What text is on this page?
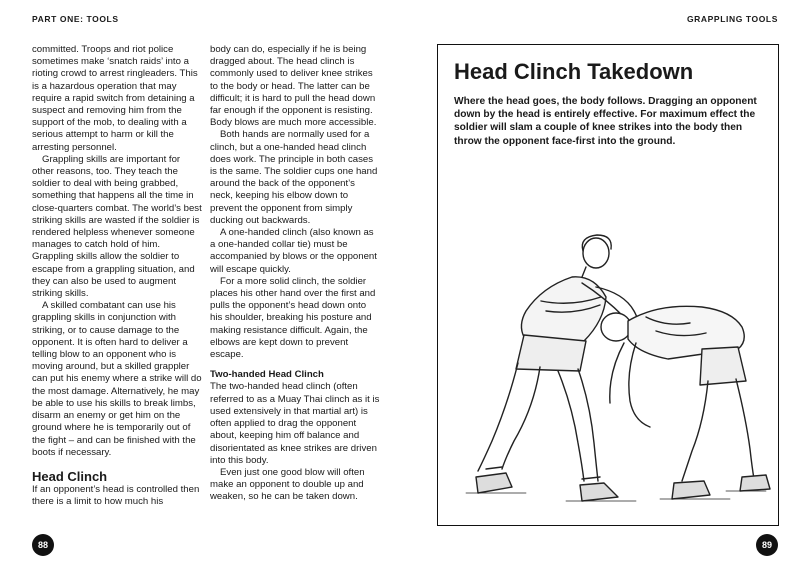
PART ONE: TOOLS	GRAPPLING TOOLS

committed. Troops and riot police sometimes make ‘snatch raids’ into a rioting crowd to arrest ringleaders. This is a hazardous operation that may require a rapid switch from detaining a suspect and removing him from the support of the mob, to dealing with a serious attempt to harm or kill the arresting personnel.

Grappling skills are important for other reasons, too. They teach the soldier to deal with being grabbed, something that happens all the time in close-quarters combat. The world’s best striking skills are wasted if the soldier is rendered helpless whenever someone manages to catch hold of him. Grappling skills allow the soldier to escape from a grappling situation, and they can also be used to augment striking skills.

A skilled combatant can use his grappling skills in conjunction with striking, or to cause damage to the opponent. It is often hard to deliver a telling blow to an opponent who is moving around, but a skilled grappler can put his enemy where a strike will do the most damage. Alternatively, he may be able to use his skills to break limbs, disarm an enemy or get him on the ground where he is temporarily out of the fight – and can be finished with the boots if necessary.

Head Clinch

If an opponent’s head is controlled then there is a limit to how much his

body can do, especially if he is being dragged about. The head clinch is commonly used to deliver knee strikes to the body or head. The latter can be difficult; it is hard to pull the head down far enough if the opponent is resisting. Body blows are much more accessible.

Both hands are normally used for a clinch, but a one-handed head clinch does work. The principle in both cases is the same. The soldier cups one hand around the back of the opponent’s neck, keeping his elbow down to prevent the opponent from simply ducking out backwards.

A one-handed clinch (also known as a one-handed collar tie) must be accompanied by blows or the opponent will escape quickly.

For a more solid clinch, the soldier places his other hand over the first and pulls the opponent’s head down onto his shoulder, breaking his posture and making resistance difficult. Again, the elbows are kept down to prevent escape.

Two-handed Head Clinch

The two-handed head clinch (often referred to as a Muay Thai clinch as it is used extensively in that martial art) is often applied to drag the opponent about, keeping him off balance and disorientated as knee strikes are driven into this body.

Even just one good blow will often make an opponent to double up and weaken, so he can be taken down.

Head Clinch Takedown
Where the head goes, the body follows. Dragging an opponent down by the head is entirely effective. For maximum effect the soldier will slam a couple of knee strikes into the body then throw the opponent face-first into the ground.
88	89
